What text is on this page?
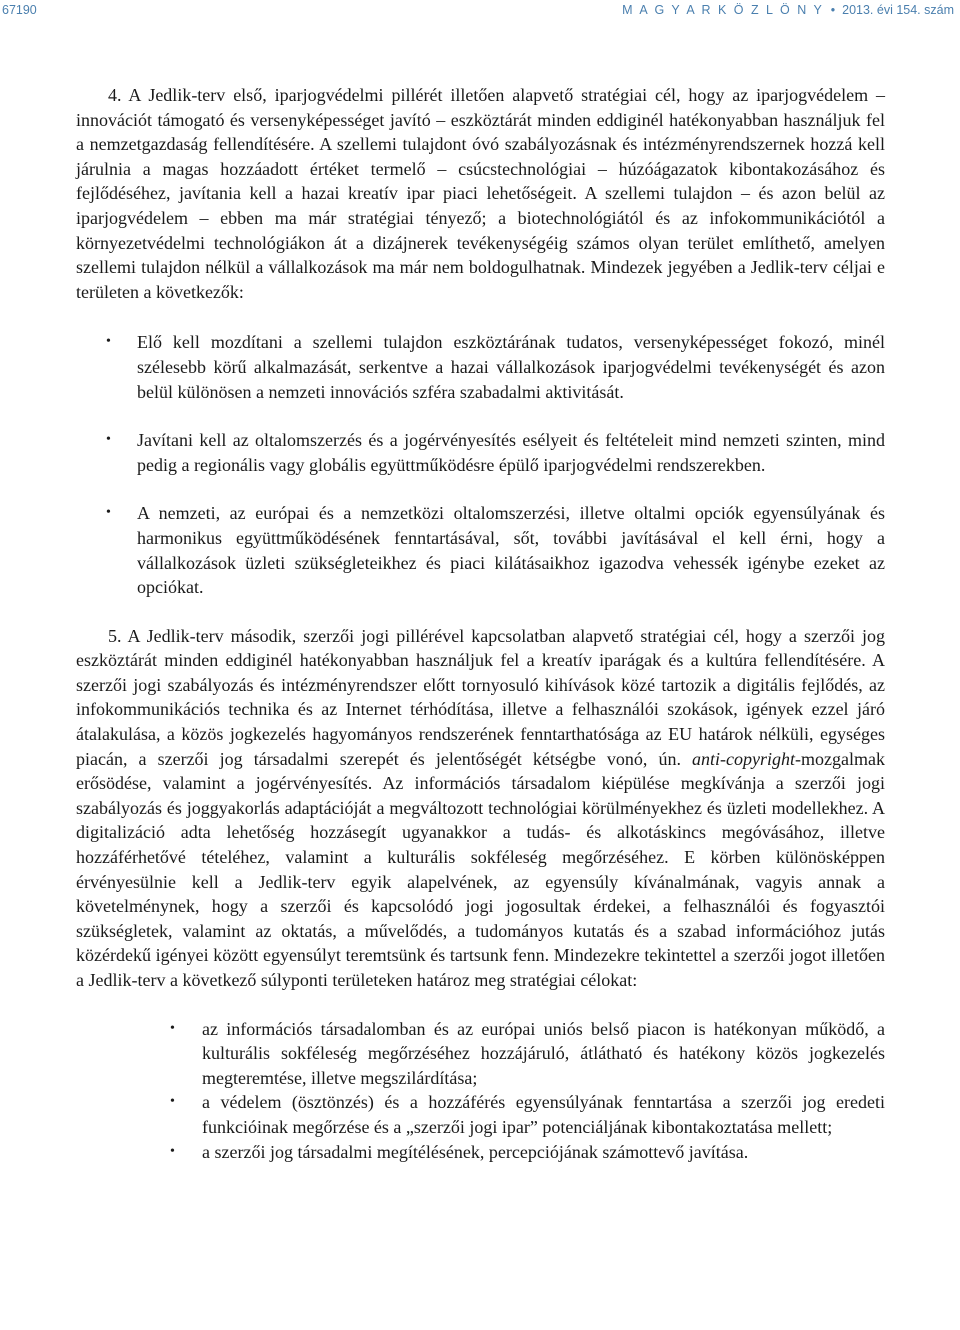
67190	M A G Y A R K Ö Z L Ö N Y • 2013. évi 154. szám

4. A Jedlik-terv első, iparjogvédelmi pillérét illetően alapvető stratégiai cél, hogy az iparjogvédelem – innovációt támogató és versenyképességet javító – eszköztárát minden eddiginél hatékonyabban használjuk fel a nemzetgazdaság fellendítésére. A szellemi tulajdont óvó szabályozásnak és intézményrendszernek hozzá kell járulnia a magas hozzáadott értéket termelő – csúcstechnológiai – húzóágazatok kibontakozásához és fejlődéséhez, javítania kell a hazai kreatív ipar piaci lehetőségeit. A szellemi tulajdon – és azon belül az iparjogvédelem – ebben ma már stratégiai tényező; a biotechnológiától és az infokommunikációtól a környezetvédelmi technológiákon át a dizájnerek tevékenységéig számos olyan terület említhető, amelyen szellemi tulajdon nélkül a vállalkozások ma már nem boldogulhatnak. Mindezek jegyében a Jedlik-terv céljai e területen a következők:

• Elő kell mozdítani a szellemi tulajdon eszköztárának tudatos, versenyképességet fokozó, minél szélesebb körű alkalmazását, serkentve a hazai vállalkozások iparjogvédelmi tevékenységét és azon belül különösen a nemzeti innovációs szféra szabadalmi aktivitását.
• Javítani kell az oltalomszerzés és a jogérvényesítés esélyeit és feltételeit mind nemzeti szinten, mind pedig a regionális vagy globális együttműködésre épülő iparjogvédelmi rendszerekben.
• A nemzeti, az európai és a nemzetközi oltalomszerzési, illetve oltalmi opciók egyensúlyának és harmonikus együttműködésének fenntartásával, sőt, további javításával el kell érni, hogy a vállalkozások üzleti szükségleteikhez és piaci kilátásaikhoz igazodva vehessék igénybe ezeket az opciókat.

5. A Jedlik-terv második, szerzői jogi pillérével kapcsolatban alapvető stratégiai cél, hogy a szerzői jog eszköztárát minden eddiginél hatékonyabban használjuk fel a kreatív iparágak és a kultúra fellendítésére. A szerzői jogi szabályozás és intézményrendszer előtt tornyosuló kihívások közé tartozik a digitális fejlődés, az infokommunikációs technika és az Internet térhódítása, illetve a felhasználói szokások, igények ezzel járó átalakulása, a közös jogkezelés hagyományos rendszerének fenntarthatósága az EU határok nélküli, egységes piacán, a szerzői jog társadalmi szerepét és jelentőségét kétségbe vonó, ún. anti-copyright-mozgalmak erősödése, valamint a jogérvényesítés. Az információs társadalom kiépülése megkívánja a szerzői jogi szabályozás és joggyakorlás adaptációját a megváltozott technológiai körülményekhez és üzleti modellekhez. A digitalizáció adta lehetőség hozzásegít ugyanakkor a tudás- és alkotáskincs megóvásához, illetve hozzáférhetővé tételéhez, valamint a kulturális sokféleség megőrzéséhez. E körben különösképpen érvényesülnie kell a Jedlik-terv egyik alapelvének, az egyensúly kívánalmának, vagyis annak a követelménynek, hogy a szerzői és kapcsolódó jogi jogosultak érdekei, a felhasználói és fogyasztói szükségletek, valamint az oktatás, a művelődés, a tudományos kutatás és a szabad információhoz jutás közérdekű igényei között egyensúlyt teremtsünk és tartsunk fenn. Mindezekre tekintettel a szerzői jogot illetően a Jedlik-terv a következő súlyponti területeken határoz meg stratégiai célokat:

• az információs társadalomban és az európai uniós belső piacon is hatékonyan működő, a kulturális sokféleség megőrzéséhez hozzájáruló, átlátható és hatékony közös jogkezelés megteremtése, illetve megszilárdítása;
• a védelem (ösztönzés) és a hozzáférés egyensúlyának fenntartása a szerzői jog eredeti funkcióinak megőrzése és a „szerzői jogi ipar” potenciáljának kibontakoztatása mellett;
• a szerzői jog társadalmi megítélésének, percepciójának számottevő javítása.
